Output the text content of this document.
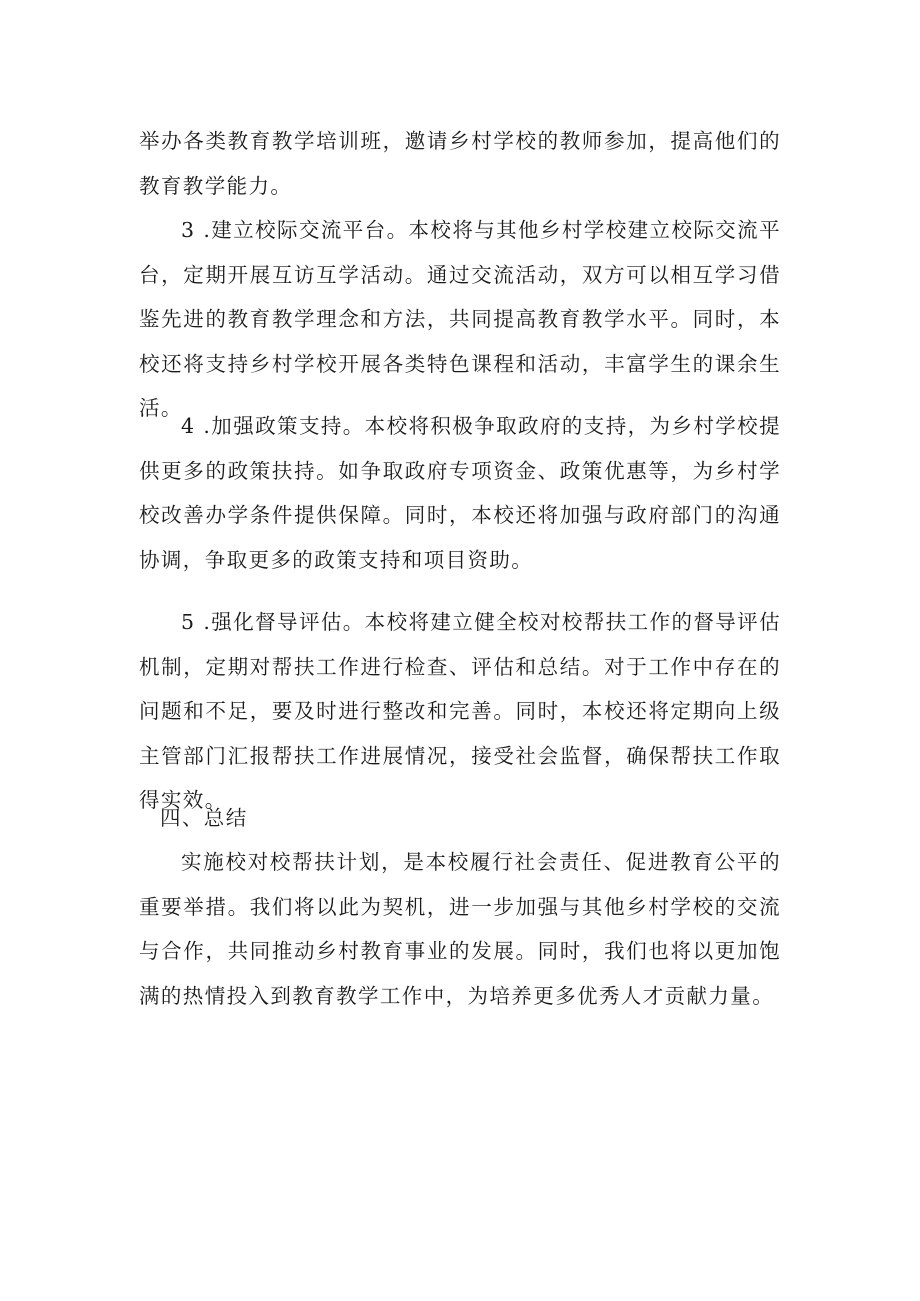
举办各类教育教学培训班，邀请乡村学校的教师参加，提高他们的教育教学能力。

3 .建立校际交流平台。本校将与其他乡村学校建立校际交流平台，定期开展互访互学活动。通过交流活动，双方可以相互学习借鉴先进的教育教学理念和方法，共同提高教育教学水平。同时，本校还将支持乡村学校开展各类特色课程和活动，丰富学生的课余生活。

4 .加强政策支持。本校将积极争取政府的支持，为乡村学校提供更多的政策扶持。如争取政府专项资金、政策优惠等，为乡村学校改善办学条件提供保障。同时，本校还将加强与政府部门的沟通协调，争取更多的政策支持和项目资助。

5 .强化督导评估。本校将建立健全校对校帮扶工作的督导评估机制，定期对帮扶工作进行检查、评估和总结。对于工作中存在的问题和不足，要及时进行整改和完善。同时，本校还将定期向上级主管部门汇报帮扶工作进展情况，接受社会监督，确保帮扶工作取得实效。

四、总结

实施校对校帮扶计划，是本校履行社会责任、促进教育公平的重要举措。我们将以此为契机，进一步加强与其他乡村学校的交流与合作，共同推动乡村教育事业的发展。同时，我们也将以更加饱满的热情投入到教育教学工作中，为培养更多优秀人才贡献力量。
